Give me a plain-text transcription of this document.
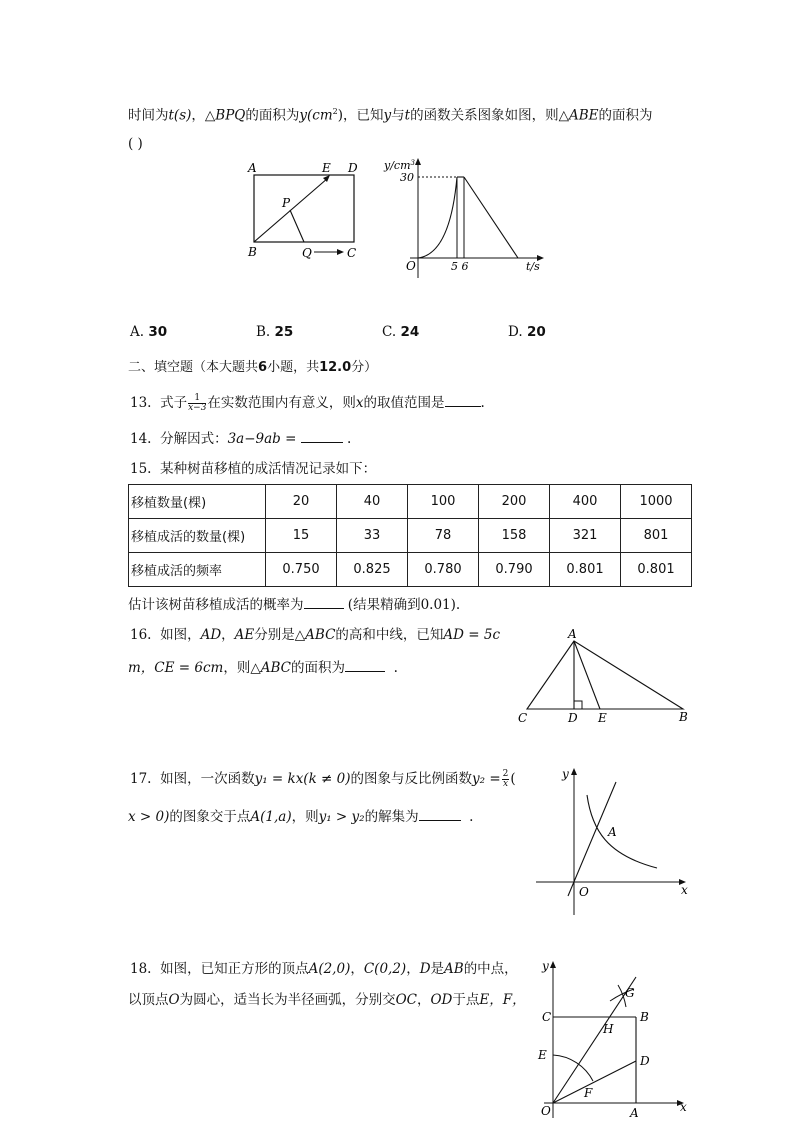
时间为t(s)，△BPQ的面积为$y(cm^2)$，已知y与t的函数关系图象如图，则△ABE的面积为
( )
A	E D
P
B	Q	C
$y/cm^3$
30
O	5 6	t/s
A. 30	B. 25	C. 24	D. 20
二、填空题（本大题共6小题，共12.0分）
13. 式子 $\frac{1}{x-3}$ 在实数范围内有意义，则x的取值范围是	.
14. 分解因式：3a−9ab =	.
15. 某种树苗移植的成活情况记录如下：
移植数量(棵)	20	40	100	200	400	1000
移植成活的数量(棵)	15	33	78	158	321	801
移植成活的频率	0.750	0.825	0.780	0.790	0.801	0.801
估计该树苗移植成活的概率为	(结果精确到0.01).
16. 如图，AD，AE分别是△ABC的高和中线，已知AD = 5c
m，CE = 6cm，则△ABC的面积为	.
A
C	D E	B
17. 如图，一次函数y₁ = kx(k ≠ 0)的图象与反比例函数$y_2 = \frac{2}{x}$ (
x > 0)的图象交于点A(1,a)，则y₁ > y₂的解集为	.
y
A
O	x
18. 如图，已知正方形的顶点A(2,0)，C(0,2)，D是AB的中点，
以顶点O为圆心，适当长为半径画弧，分别交OC，OD于点E，F，
y
G
C
H
B
E	D
F
O	A	x
